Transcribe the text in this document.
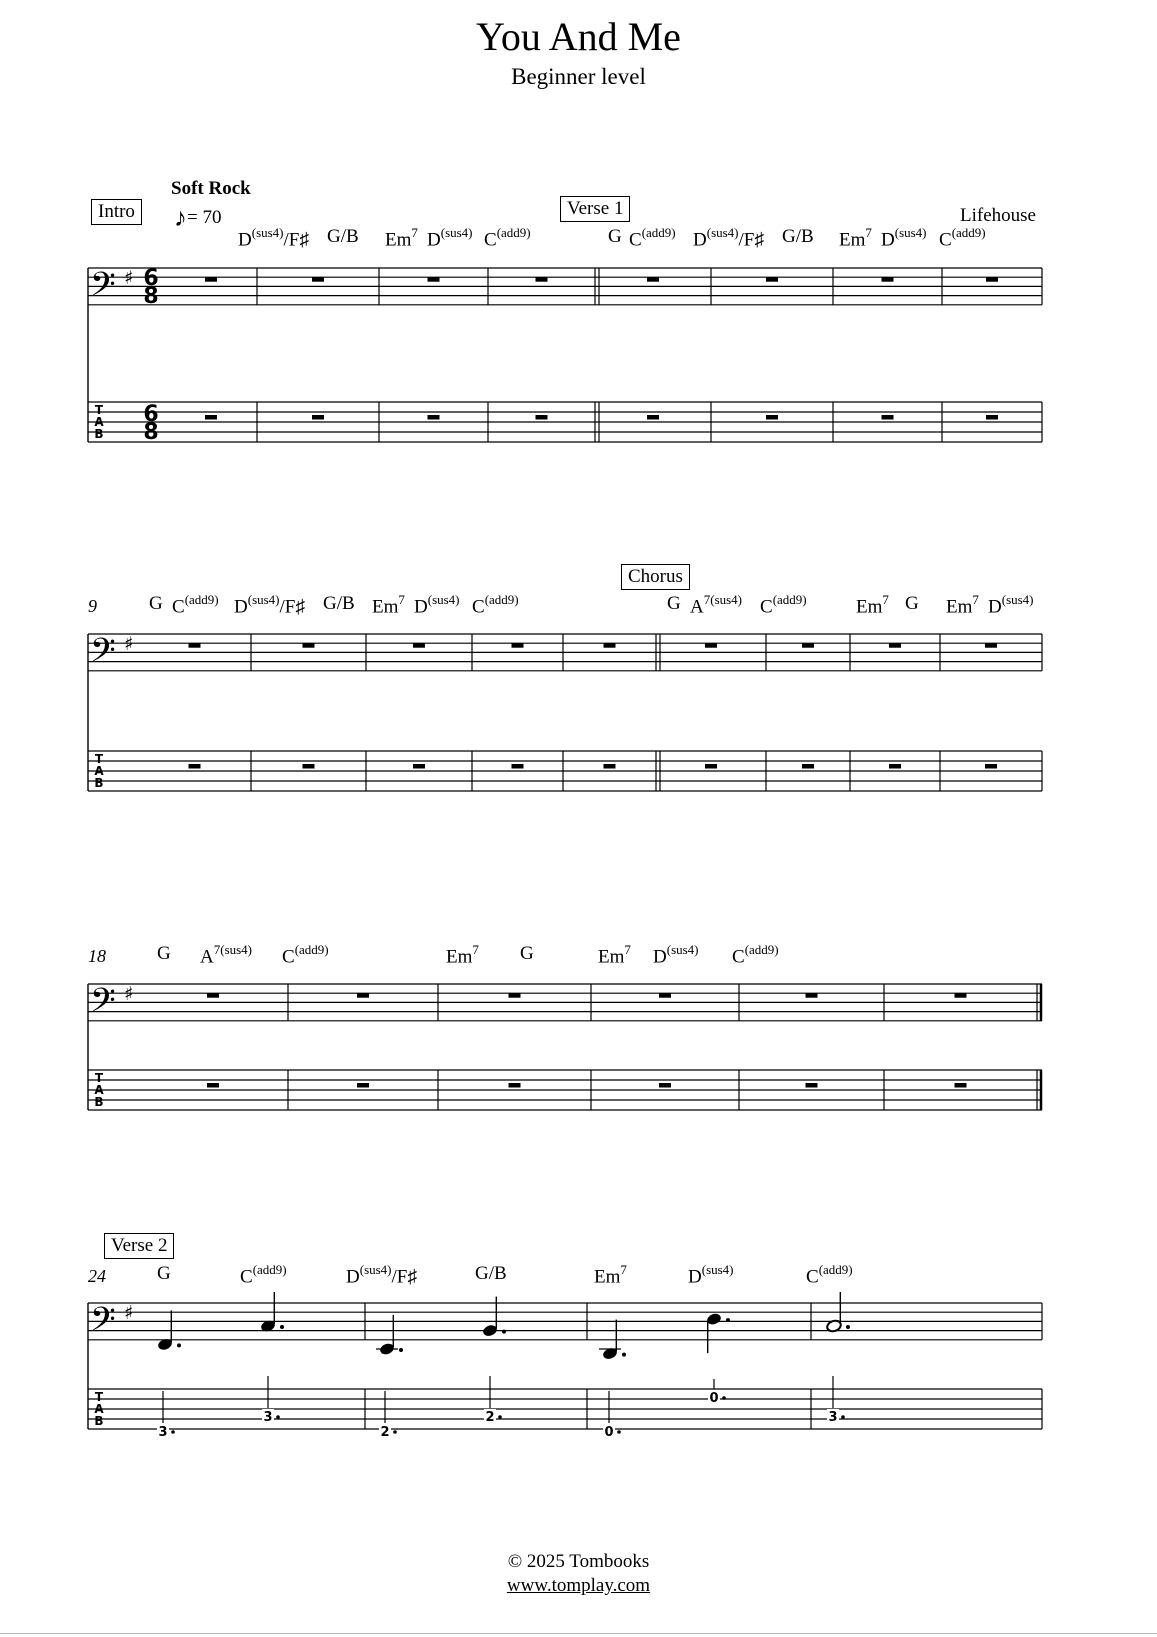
You And Me
Beginner level
Soft Rock
♪= 70	Lifehouse
Intro	Verse 1
Chorus
Verse 2
9
18
24
$D^{(sus4)}/F♯$ G/B Em$^7$ $D^{(sus4)}$ $C^{(add9)}$	G $C^{(add9)}$ $D^{(sus4)}/F♯$ G/B Em$^7$ $D^{(sus4)}$ $C^{(add9)}$
G $C^{(add9)}$ $D^{(sus4)}/F♯$ G/B Em$^7$ $D^{(sus4)}$ $C^{(add9)}$	G $A^{7(sus4)}$ $C^{(add9)}$	Em$^7$ G Em$^7$ $D^{(sus4)}$
G $A^{7(sus4)}$ $C^{(add9)}$	Em$^7$ G	Em$^7$ $D^{(sus4)}$ $C^{(add9)}$
G	$C^{(add9)}$	$D^{(sus4)}/F♯$	G/B	Em$^7$	$D^{(sus4)}$	$C^{(add9)}$
𝄢 ♯
T
A
B
6
8
6
8
𝄢 ♯
T
A
B
𝄢 ♯
T
A
B
𝄢 ♯
T
A
B
3
3
2
2
0
0
3
© 2025 Tombooks
www.tomplay.com
